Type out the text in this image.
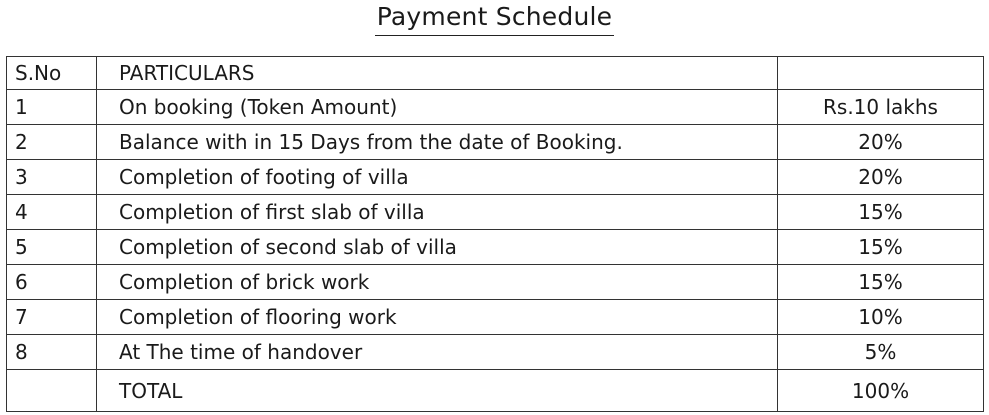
Payment Schedule
S.No	PARTICULARS	
1	On booking (Token Amount)	Rs.10 lakhs
2	Balance with in 15 Days from the date of Booking.	20%
3	Completion of footing of villa	20%
4	Completion of first slab of villa	15%
5	Completion of second slab of villa	15%
6	Completion of brick work	15%
7	Completion of flooring work	10%
8	At The time of handover	5%
	TOTAL	100%
